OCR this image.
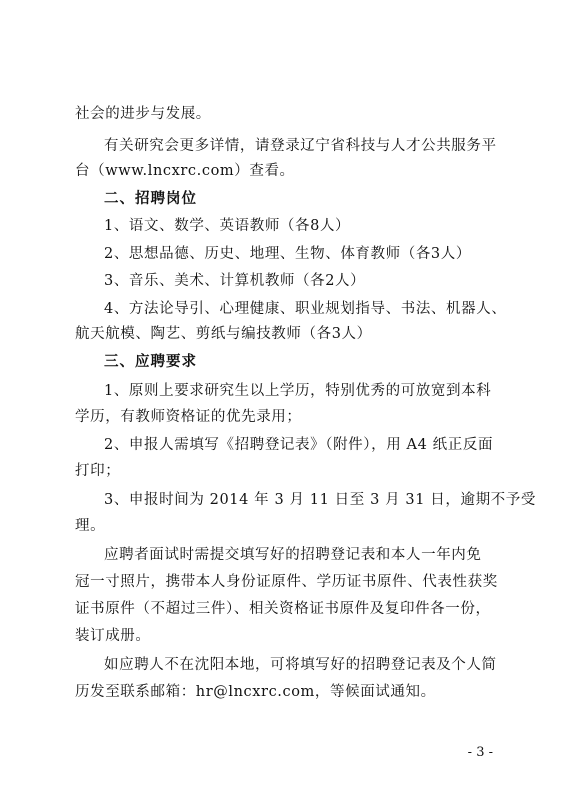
社会的进步与发展。
有关研究会更多详情，请登录辽宁省科技与人才公共服务平
台（www.lncxrc.com）查看。
二、招聘岗位
1、语文、数学、英语教师（各8人）
2、思想品德、历史、地理、生物、体育教师（各3人）
3、音乐、美术、计算机教师（各2人）
4、方法论导引、心理健康、职业规划指导、书法、机器人、
航天航模、陶艺、剪纸与编技教师（各3人）
三、应聘要求
1、原则上要求研究生以上学历，特别优秀的可放宽到本科
学历，有教师资格证的优先录用；
2、申报人需填写《招聘登记表》（附件），用 A4 纸正反面
打印；
3、申报时间为 2014 年 3 月 11 日至 3 月 31 日，逾期不予受
理。
应聘者面试时需提交填写好的招聘登记表和本人一年内免
冠一寸照片，携带本人身份证原件、学历证书原件、代表性获奖
证书原件（不超过三件）、相关资格证书原件及复印件各一份，
装订成册。
如应聘人不在沈阳本地，可将填写好的招聘登记表及个人简
历发至联系邮箱：hr@lncxrc.com，等候面试通知。
- 3 -
